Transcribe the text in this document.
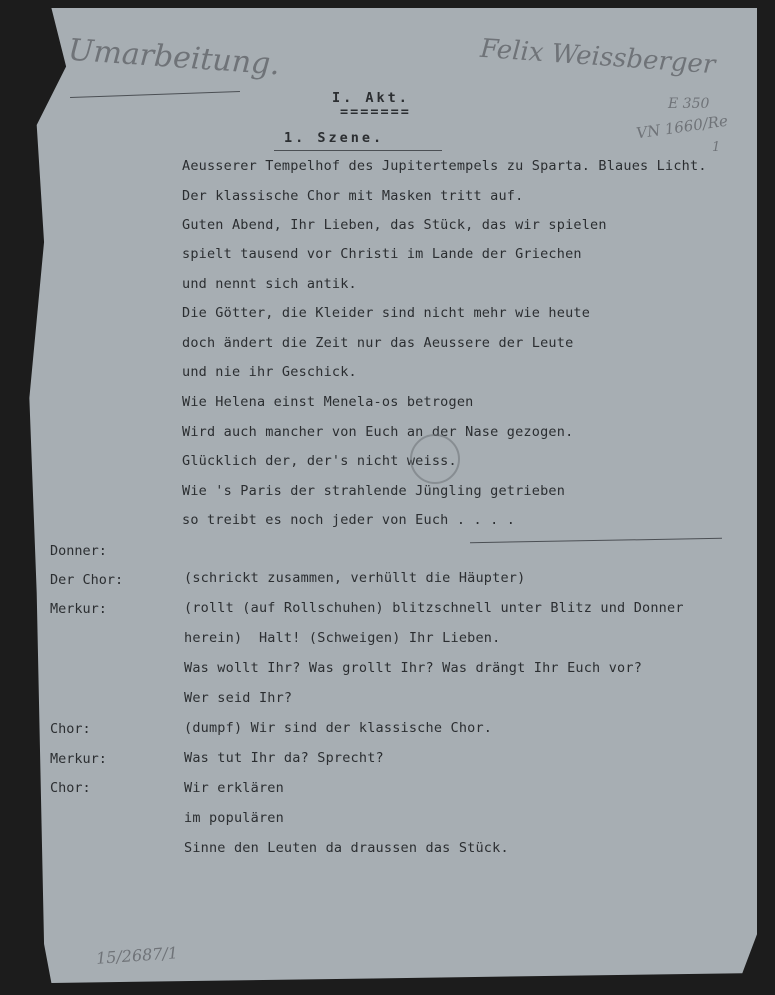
Umarbeitung.	Felix Weissberger
E 350
VN 1660/Re
1
15/2687/1
I. Akt.
=======
1. Szene.
Aeusserer Tempelhof des Jupitertempels zu Sparta. Blaues Licht.
Der klassische Chor mit Masken tritt auf.
Guten Abend, Ihr Lieben, das Stück, das wir spielen
spielt tausend vor Christi im Lande der Griechen
und nennt sich antik.
Die Götter, die Kleider sind nicht mehr wie heute
doch ändert die Zeit nur das Aeussere der Leute
und nie ihr Geschick.
Wie Helena einst Menela-os betrogen
Wird auch mancher von Euch an der Nase gezogen.
Glücklich der, der's nicht weiss.
Wie 's Paris der strahlende Jüngling getrieben
so treibt es noch jeder von Euch . . . .
Donner:
Der Chor:	(schrickt zusammen, verhüllt die Häupter)
Merkur:	(rollt (auf Rollschuhen) blitzschnell unter Blitz und Donner
herein)  Halt! (Schweigen) Ihr Lieben.
Was wollt Ihr? Was grollt Ihr? Was drängt Ihr Euch vor?
Wer seid Ihr?
Chor:	(dumpf) Wir sind der klassische Chor.
Merkur:	Was tut Ihr da? Sprecht?
Chor:	Wir erklären
im populären
Sinne den Leuten da draussen das Stück.
